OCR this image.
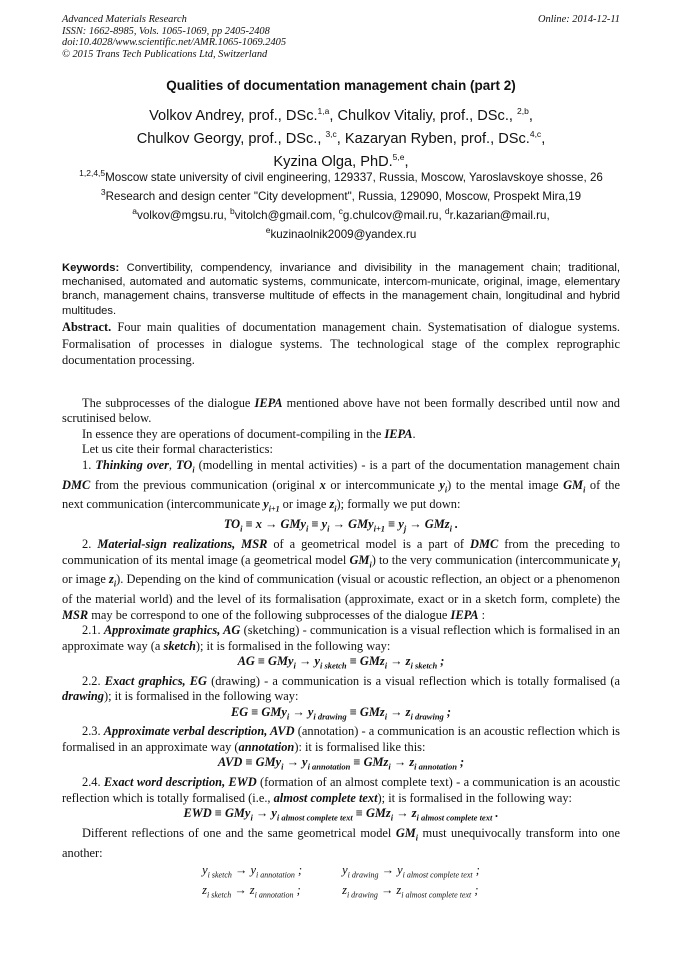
Advanced Materials Research
ISSN: 1662-8985, Vols. 1065-1069, pp 2405-2408
doi:10.4028/www.scientific.net/AMR.1065-1069.2405
© 2015 Trans Tech Publications Ltd, Switzerland
Online: 2014-12-11
Qualities of documentation management chain (part 2)
Volkov Andrey, prof., DSc.$^{1,a}$, Chulkov Vitaliy, prof., DSc., $^{2,b}$,
Chulkov Georgy, prof., DSc., $^{3,c}$, Kazaryan Ryben, prof., DSc.$^{4,c}$,
Kyzina Olga, PhD.$^{5,e}$,
$^{1,2,4,5}$Moscow state university of civil engineering, 129337, Russia, Moscow, Yaroslavskoye shosse, 26
$^3$Research and design center "City development", Russia, 129090, Moscow, Prospekt Mira,19
$^a$volkov@mgsu.ru, $^b$vitolch@gmail.com, $^c$g.chulcov@mail.ru, $^d$r.kazarian@mail.ru,
$^e$kuzinaolnik2009@yandex.ru
Keywords: Convertibility, compendency, invariance and divisibility in the management chain; traditional, mechanised, automated and automatic systems, communicate, intercom-municate, original, image, elementary branch, management chains, transverse multitude of effects in the management chain, longitudinal and hybrid multitudes.
Abstract. Four main qualities of documentation management chain. Systematisation of dialogue systems. Formalisation of processes in dialogue systems. The technological stage of the complex reprographic documentation processing.

The subprocesses of the dialogue IEPA mentioned above have not been formally described until now and scrutinised below.

In essence they are operations of document-compiling in the IEPA.

Let us cite their formal characteristics:

1. Thinking over, $TO_i$ (modelling in mental activities) - is a part of the documentation management chain DMC from the previous communication (original x or intercommunicate $y_i$) to the mental image $GM_i$ of the next communication (intercommunicate $y_{i+1}$ or image $z_i$); formally we put down:

$TO_i \equiv x \to GMy_i \equiv y_i \to GMy_{i+1} \equiv y_j \to GMz_i$ .

2. Material-sign realizations, MSR of a geometrical model is a part of DMC from the preceding to communication of its mental image (a geometrical model $GM_i$) to the very communication (intercommunicate $y_i$ or image $z_i$). Depending on the kind of communication (visual or acoustic reflection, an object or a phenomenon of the material world) and the level of its formalisation (approximate, exact or in a sketch form, complete) the MSR may be correspond to one of the following subprocesses of the dialogue IEPA :

2.1. Approximate graphics, AG (sketching) - communication is a visual reflection which is formalised in an approximate way (a sketch); it is formalised in the following way:

AG ≡ $GMy_i \to y_{i sketch} \equiv GMz_i \to z_{i sketch}$ ;

2.2. Exact graphics, EG (drawing) - a communication is a visual reflection which is totally formalised (a drawing); it is formalised in the following way:

EG ≡ $GMy_i \to y_{i drawing} \equiv GMz_i \to z_{i drawing}$ ;

2.3. Approximate verbal description, AVD (annotation) - a communication is an acoustic reflection which is formalised in an approximate way (annotation): it is formalised like this:

AVD ≡ $GMy_i \to y_{i annotation} \equiv GMz_i \to z_{i annotation}$ ;

2.4. Exact word description, EWD (formation of an almost complete text) - a communication is an acoustic reflection which is totally formalised (i.e., almost complete text); it is formalised in the following way:

EWD ≡ $GMy_i \to y_{i almost complete text} \equiv GMz_i \to z_{i almost complete text}$ .

Different reflections of one and the same geometrical model $GM_i$ must unequivocally transform into one another:

$y_{i sketch} \to y_{i annotation}$ ;
$z_{i sketch} \to z_{i annotation}$ ;
$y_{i drawing} \to y_{i almost complete text}$ ;
$z_{i drawing} \to z_{i almost complete text}$ ;
